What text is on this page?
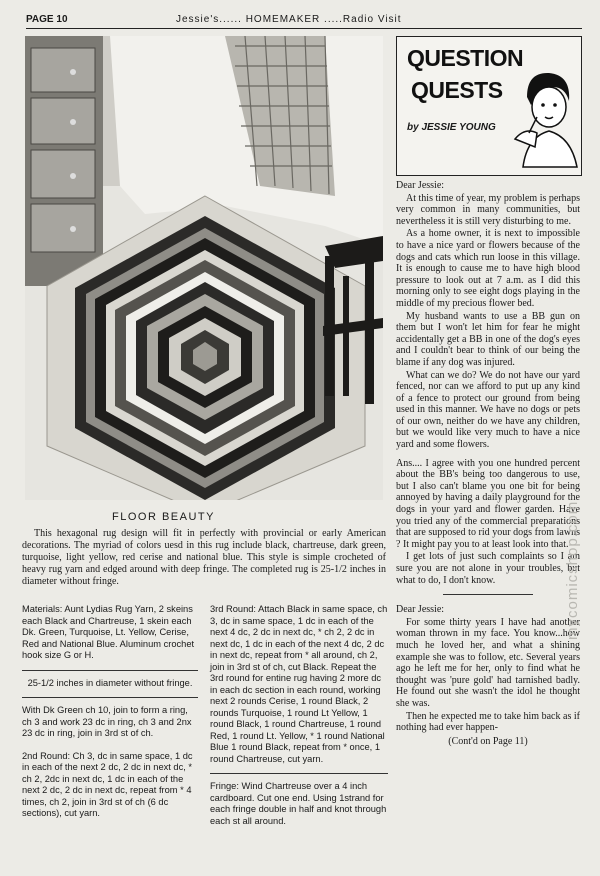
PAGE 10	Jessie's...... HOMEMAKER .....Radio Visit
FLOOR BEAUTY

This hexagonal rug design will fit in perfectly with provincial or early American decorations. The myriad of colors uesd in this rug include black, chartreuse, dark green, turquoise, light yellow, red cerise and national blue. This style is simple crocheted of heavy rug yarn and edged around with deep fringe. The completed rug is 25-1/2 inches in diameter without fringe.

Materials: Aunt Lydias Rug Yarn, 2 skeins each Black and Chartreuse, 1 skein each Dk. Green, Turquoise, Lt. Yellow, Cerise, Red and National Blue. Aluminum crochet hook size G or H.

25-1/2 inches in diameter without fringe.

With Dk Green ch 10, join to form a ring, ch 3 and work 23 dc in ring, ch 3 and 2nx 23 dc in ring, join in 3rd st of ch.

2nd Round: Ch 3, dc in same space, 1 dc in each of the next 2 dc, 2 dc in next dc, * ch 2, 2dc in next dc, 1 dc in each of the next 2 dc, 2 dc in next dc, repeat from * 4 times, ch 2, join in 3rd st of ch (6 dc sections), cut yarn.

3rd Round: Attach Black in same space, ch 3, dc in same space, 1 dc in each of the next 4 dc, 2 dc in next dc, * ch 2, 2 dc in next dc, 1 dc in each of the next 4 dc, 2 dc in next dc, repeat from * all around, ch 2, join in 3rd st of ch, cut Black. Repeat the 3rd round for entine rug having 2 more dc in each dc section in each round, working next 2 rounds Cerise, 1 round Black, 2 rounds Turquoise, 1 round Lt Yellow, 1 round Black, 1 round Chartreuse, 1 round Red, 1 round Lt. Yellow, * 1 round National Blue 1 round Black, repeat from * once, 1 round Chartreuse, cut yarn.

Fringe: Wind Chartreuse over a 4 inch cardboard. Cut one end. Using 1strand for each fringe double in half and knot through each st all around.

QUESTION
QUESTS
by JESSIE YOUNG

Dear Jessie:

At this time of year, my problem is perhaps very common in many communities, but nevertheless it is still very disturbing to me.

As a home owner, it is next to impossible to have a nice yard or flowers because of the dogs and cats which run loose in this village. It is enough to cause me to have high blood pressure to look out at 7 a.m. as I did this morning only to see eight dogs playing in the middle of my precious flower bed.

My husband wants to use a BB gun on them but I won't let him for fear he might accidentally get a BB in one of the dog's eyes and I couldn't bear to think of our being the blame if any dog was injured.

What can we do? We do not have our yard fenced, nor can we afford to put up any kind of a fence to protect our ground from being used in this manner. We have no dogs or pets of our own, neither do we have any children, but we would like very much to have a nice yard and some flowers.

Ans.... I agree with you one hundred percent about the BB's being too dangerous to use, but I also can't blame you one bit for being annoyed by having a daily playground for the dogs in your yard and flower garden. Have you tried any of the commercial preparations that are supposed to rid your dogs from lawns ? It might pay you to at least look into that.

I get lots of just such complaints so I am sure you are not alone in your troubles, but what to do, I don't know.

Dear Jessie:

For some thirty years I have had another woman thrown in my face. You know...how much he loved her, and what a shining example she was to follow, etc. Several years ago he left me for her, only to find what he thought was 'pure gold' had tarnished badly. He found out she wasn't the idol he thought she was.

Then he expected me to take him back as if nothing had ever happen-

(Cont'd on Page 11)

mycomicshop.com
